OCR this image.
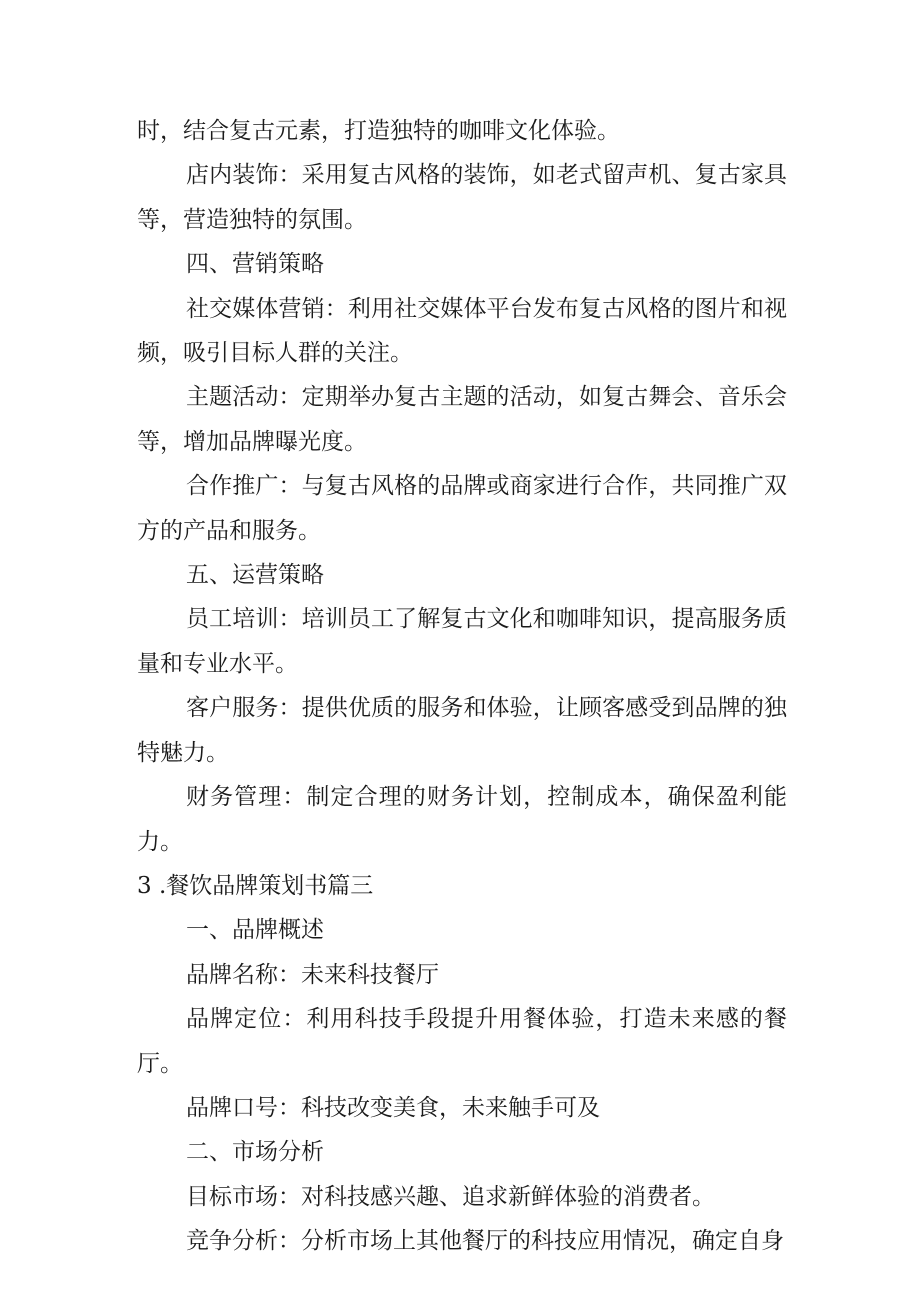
时，结合复古元素，打造独特的咖啡文化体验。

店内装饰：采用复古风格的装饰，如老式留声机、复古家具等，营造独特的氛围。

四、营销策略

社交媒体营销：利用社交媒体平台发布复古风格的图片和视频，吸引目标人群的关注。

主题活动：定期举办复古主题的活动，如复古舞会、音乐会等，增加品牌曝光度。

合作推广：与复古风格的品牌或商家进行合作，共同推广双方的产品和服务。

五、运营策略

员工培训：培训员工了解复古文化和咖啡知识，提高服务质量和专业水平。

客户服务：提供优质的服务和体验，让顾客感受到品牌的独特魅力。

财务管理：制定合理的财务计划，控制成本，确保盈利能力。

3 .餐饮品牌策划书篇三

一、品牌概述

品牌名称：未来科技餐厅

品牌定位：利用科技手段提升用餐体验，打造未来感的餐厅。

品牌口号：科技改变美食，未来触手可及

二、市场分析

目标市场：对科技感兴趣、追求新鲜体验的消费者。

竞争分析：分析市场上其他餐厅的科技应用情况，确定自身
